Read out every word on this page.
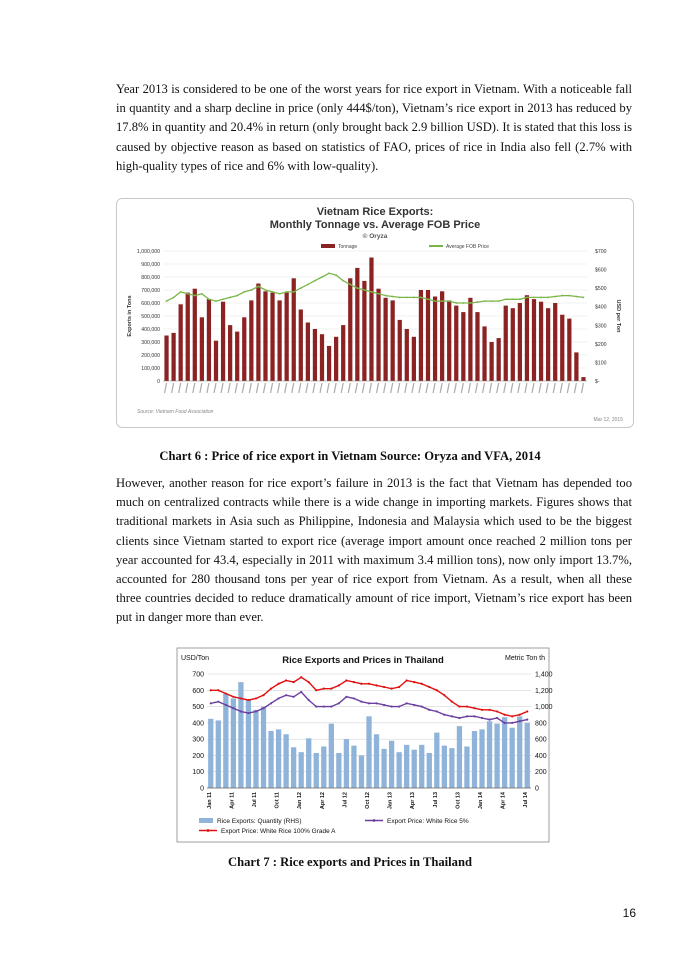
Year 2013 is considered to be one of the worst years for rice export in Vietnam. With a noticeable fall in quantity and a sharp decline in price (only 444$/ton), Vietnam’s rice export in 2013 has reduced by 17.8% in quantity and 20.4% in return (only brought back 2.9 billion USD). It is stated that this loss is caused by objective reason as based on statistics of FAO, prices of rice in India also fell (2.7% with high-quality types of rice and 6% with low-quality).

Vietnam Rice Exports:
Monthly Tonnage vs. Average FOB Price
© Oryza
Tonnage	Average FOB Price
1,000,000
900,000
800,000
700,000
600,000
500,000
400,000
300,000
200,000
100,000
0
$700
$600
$500
$400
$300
$200
$100
$-
Exports in Tons	USD per Ton
Source: Vietnam Food Association
Mar 12, 2015

Chart 6 : Price of rice export in Vietnam Source: Oryza and VFA, 2014

However, another reason for rice export’s failure in 2013 is the fact that Vietnam has depended too much on centralized contracts while there is a wide change in importing markets. Figures shows that traditional markets in Asia such as Philippine, Indonesia and Malaysia which used to be the biggest clients since Vietnam started to export rice (average import amount once reached 2 million tons per year accounted for 43.4, especially in 2011 with maximum 3.4 million tons), now only import 13.7%, accounted for 280 thousand tons per year of rice export from Vietnam. As a result, when all these three countries decided to reduce dramatically amount of rice import, Vietnam’s rice export has been put in danger more than ever.

Rice Exports and Prices in Thailand
USD/Ton	Metric Ton th
700
600
500
400
300
200
100
0
1,400
1,200
1,000
800
600
400
200
0
Jan 11	Apr 11	Jul 11	Oct 11	Jan 12	Apr 12	Jul 12	Oct 12	Jan 13	Apr 13	Jul 13	Oct 13	Jan 14	Apr 14	Jul 14
Rice Exports: Quantity (RHS)	Export Price: White Rice 5%
Export Price: White Rice 100% Grade A

Chart 7 : Rice exports and Prices in Thailand

16
